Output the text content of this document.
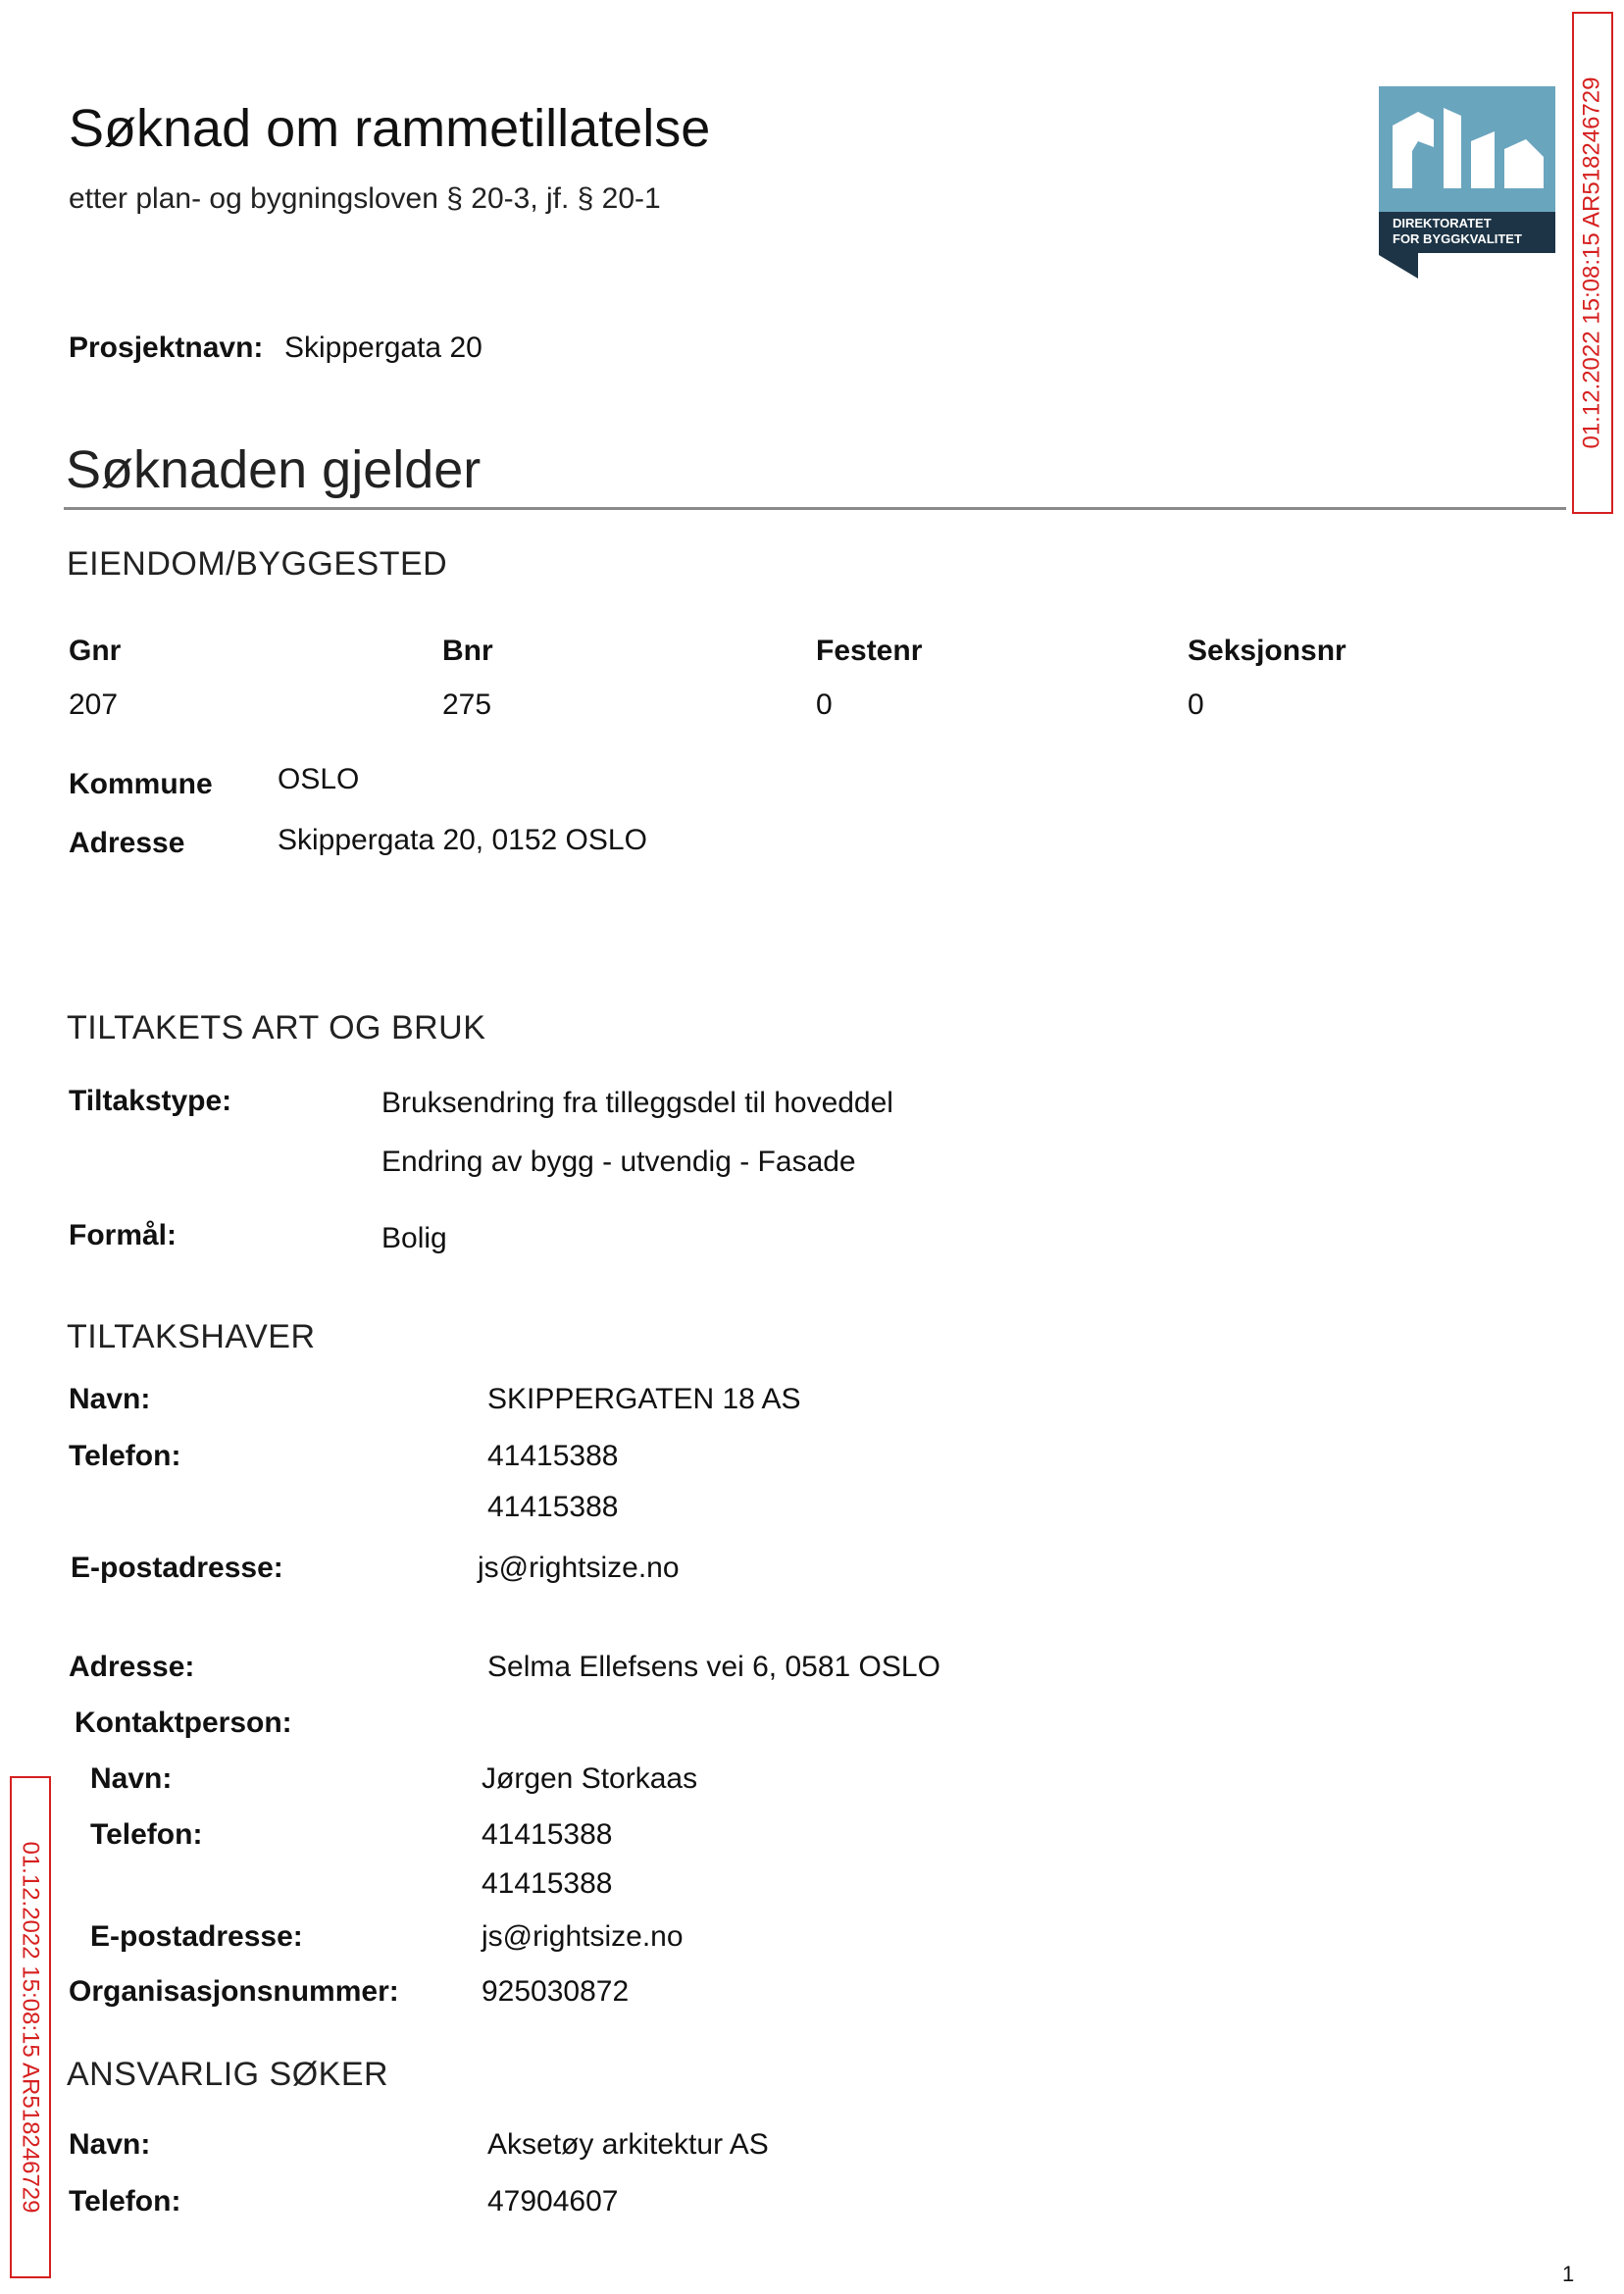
Søknad om rammetillatelse
etter plan- og bygningsloven § 20-3, jf. § 20-1
DIREKTORATET
FOR BYGGKVALITET 01.12.2022 15:08:15 AR518246729
01.12.2022 15:08:15 AR518246729
Prosjektnavn: Skippergata 20
Søknaden gjelder
EIENDOM/BYGGESTED
Gnr	Bnr	Festenr	Seksjonsnr
207	275	0	0
Kommune OSLO
Adresse	Skippergata 20, 0152 OSLO
TILTAKETS ART OG BRUK
Tiltakstype:	Bruksendring fra tilleggsdel til hoveddel
Endring av bygg - utvendig - Fasade
Formål:	Bolig
TILTAKSHAVER
Navn:	SKIPPERGATEN 18 AS
Telefon:	41415388
41415388
E-postadresse:	js@rightsize.no
Adresse:	Selma Ellefsens vei 6, 0581 OSLO
Kontaktperson:
Navn:	Jørgen Storkaas
Telefon:	41415388
41415388
E-postadresse:	js@rightsize.no
Organisasjonsnummer:	925030872
ANSVARLIG SØKER
Navn:	Aksetøy arkitektur AS
Telefon:	47904607
1
